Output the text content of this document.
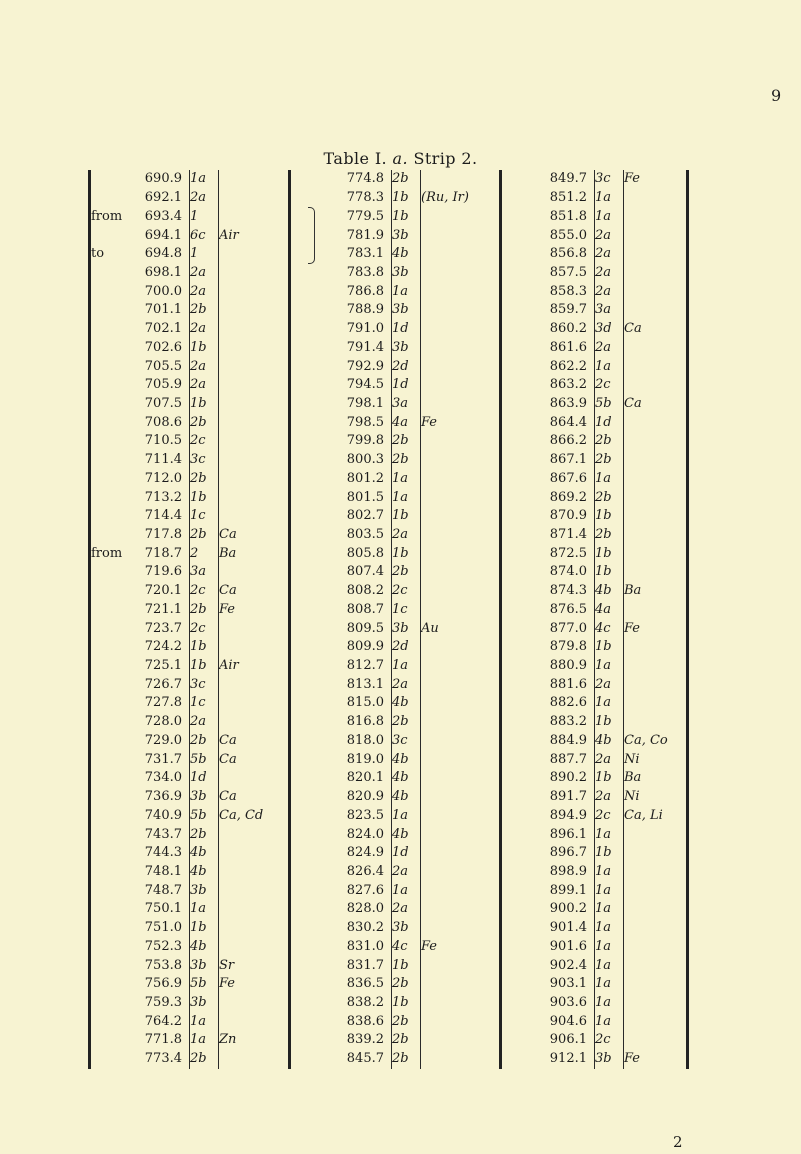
9
Table I. a. Strip 2.
690.9	1a		774.8	2b		849.7	3c	Fe
692.1	2a		778.3	1b	(Ru, Ir)	851.2	1a	

from 693.4	1		779.5	1b		851.8	1a	
694.1	6c	Air	781.9	3b		855.0	2a	

to 694.8	1		783.1	4b		856.8	2a	
698.1	2a		783.8	3b		857.5	2a	
700.0	2a		786.8	1a		858.3	2a	
701.1	2b		788.9	3b		859.7	3a	
702.1	2a		791.0	1d		860.2	3d	Ca
702.6	1b		791.4	3b		861.6	2a	
705.5	2a		792.9	2d		862.2	1a	
705.9	2a		794.5	1d		863.2	2c	
707.5	1b		798.1	3a		863.9	5b	Ca
708.6	2b		798.5	4a	Fe	864.4	1d	
710.5	2c		799.8	2b		866.2	2b	
711.4	3c		800.3	2b		867.1	2b	
712.0	2b		801.2	1a		867.6	1a	
713.2	1b		801.5	1a		869.2	2b	
714.4	1c		802.7	1b		870.9	1b	
717.8	2b	Ca	803.5	2a		871.4	2b	

from 718.7	2	Ba	805.8	1b		872.5	1b	
719.6	3a		807.4	2b		874.0	1b	
720.1	2c	Ca	808.2	2c		874.3	4b	Ba
721.1	2b	Fe	808.7	1c		876.5	4a	
723.7	2c		809.5	3b	Au	877.0	4c	Fe
724.2	1b		809.9	2d		879.8	1b	
725.1	1b	Air	812.7	1a		880.9	1a	
726.7	3c		813.1	2a		881.6	2a	
727.8	1c		815.0	4b		882.6	1a	
728.0	2a		816.8	2b		883.2	1b	
729.0	2b	Ca	818.0	3c		884.9	4b	Ca, Co
731.7	5b	Ca	819.0	4b		887.7	2a	Ni
734.0	1d		820.1	4b		890.2	1b	Ba
736.9	3b	Ca	820.9	4b		891.7	2a	Ni
740.9	5b	Ca, Cd	823.5	1a		894.9	2c	Ca, Li
743.7	2b		824.0	4b		896.1	1a	
744.3	4b		824.9	1d		896.7	1b	
748.1	4b		826.4	2a		898.9	1a	
748.7	3b		827.6	1a		899.1	1a	
750.1	1a		828.0	2a		900.2	1a	
751.0	1b		830.2	3b		901.4	1a	
752.3	4b		831.0	4c	Fe	901.6	1a	
753.8	3b	Sr	831.7	1b		902.4	1a	
756.9	5b	Fe	836.5	2b		903.1	1a	
759.3	3b		838.2	1b		903.6	1a	
764.2	1a		838.6	2b		904.6	1a	
771.8	1a	Zn	839.2	2b		906.1	2c	
773.4	2b		845.7	2b		912.1	3b	Fe
2
